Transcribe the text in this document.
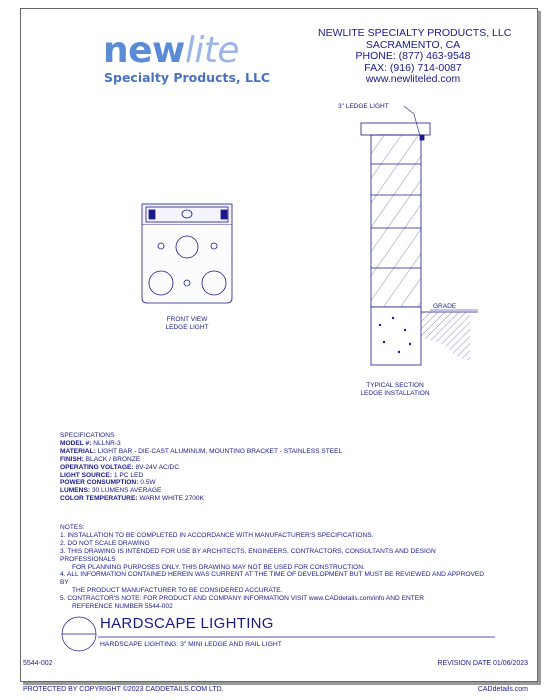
newlite
Specialty Products, LLC
NEWLITE SPECIALTY PRODUCTS, LLC
SACRAMENTO, CA
PHONE: (877) 463-9548
FAX: (916) 714-0087
www.newliteled.com
3" LEDGE LIGHT
GRADE
TYPICAL SECTION
LEDGE INSTALLATION
FRONT VIEW
LEDGE LIGHT
SPECIFICATIONS
MODEL #: NLLNR-3
MATERIAL: LIGHT BAR - DIE-CAST ALUMINUM, MOUNTING BRACKET - STAINLESS STEEL
FINISH: BLACK / BRONZE
OPERATING VOLTAGE: 8V-24V AC/DC
LIGHT SOURCE: 1 PC LED
POWER CONSUMPTION: 0.5W
LUMENS: 30 LUMENS AVERAGE
COLOR TEMPERATURE: WARM WHITE 2700K
NOTES:
1. INSTALLATION TO BE COMPLETED IN ACCORDANCE WITH MANUFACTURER'S SPECIFICATIONS.
2. DO NOT SCALE DRAWING
3. THIS DRAWING IS INTENDED FOR USE BY ARCHITECTS, ENGINEERS, CONTRACTORS, CONSULTANTS AND DESIGN PROFESSIONALS
FOR PLANNING PURPOSES ONLY. THIS DRAWING MAY NOT BE USED FOR CONSTRUCTION.
4. ALL INFORMATION CONTAINED HEREIN WAS CURRENT AT THE TIME OF DEVELOPMENT BUT MUST BE REVIEWED AND APPROVED BY
THE PRODUCT MANUFACTURER TO BE CONSIDERED ACCURATE.
5. CONTRACTOR'S NOTE: FOR PRODUCT AND COMPANY INFORMATION VISIT www.CADdetails.com/info AND ENTER
REFERENCE NUMBER 5544-002
HARDSCAPE LIGHTING
HARDSCAPE LIGHTING: 3" MINI LEDGE AND RAIL LIGHT
5544-002	REVISION DATE 01/06/2023
PROTECTED BY COPYRIGHT ©2023 CADDETAILS.COM LTD.	CADdetails.com
